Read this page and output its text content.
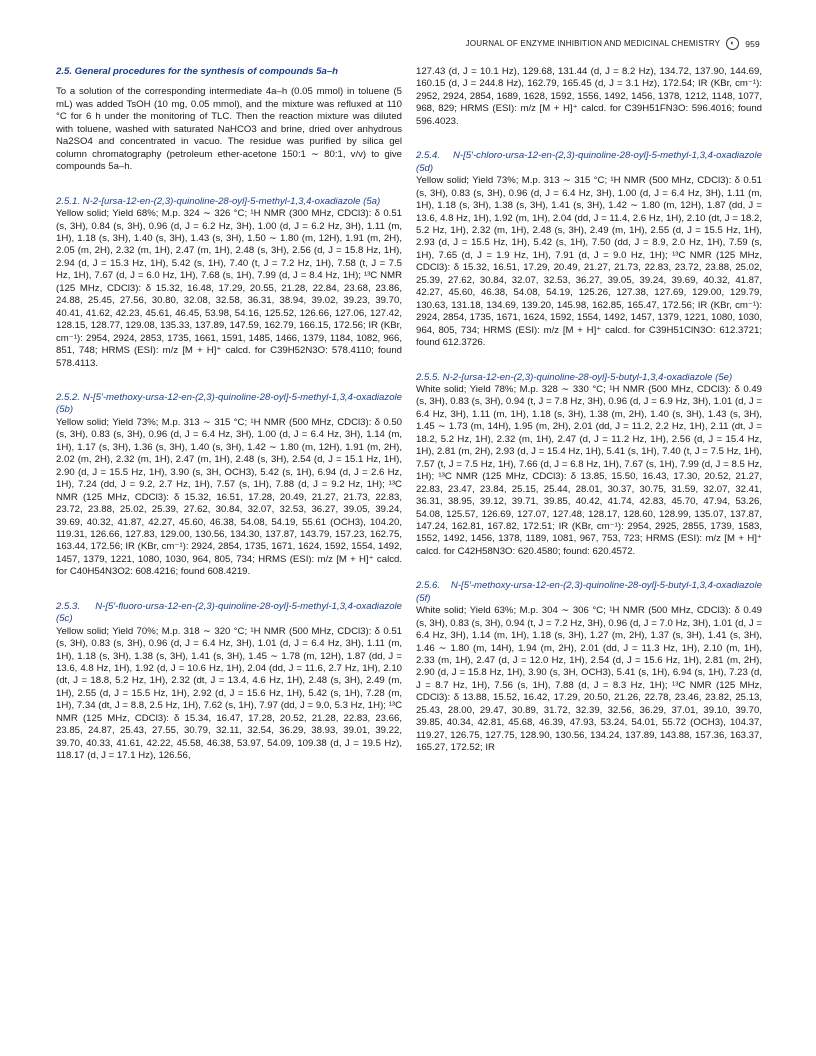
JOURNAL OF ENZYME INHIBITION AND MEDICINAL CHEMISTRY	◐	959
2.5. General procedures for the synthesis of compounds 5a–h

To a solution of the corresponding intermediate 4a–h (0.05 mmol) in toluene (5 mL) was added TsOH (10 mg, 0.05 mmol), and the mixture was refluxed at 110 °C for 6 h under the monitoring of TLC. Then the reaction mixture was diluted with toluene, washed with saturated NaHCO3 and brine, dried over anhydrous Na2SO4 and concentrated in vacuo. The residue was purified by silica gel column chromatography (petroleum ether-acetone 150:1 ∼ 80:1, v/v) to give compounds 5a–h.

2.5.1. N-2-[ursa-12-en-(2,3)-quinoline-28-oyl]-5-methyl-1,3,4-oxadiazole (5a)

Yellow solid; Yield 68%; M.p. 324 ∼ 326 °C; ¹H NMR (300 MHz, CDCl3): δ 0.51 (s, 3H), 0.84 (s, 3H), 0.96 (d, J = 6.2 Hz, 3H), 1.00 (d, J = 6.2 Hz, 3H), 1.11 (m, 1H), 1.18 (s, 3H), 1.40 (s, 3H), 1.43 (s, 3H), 1.50 ∼ 1.80 (m, 12H), 1.91 (m, 2H), 2.05 (m, 2H), 2.32 (m, 1H), 2.47 (m, 1H), 2.48 (s, 3H), 2.56 (d, J = 15.8 Hz, 1H), 2.94 (d, J = 15.3 Hz, 1H), 5.42 (s, 1H), 7.40 (t, J = 7.2 Hz, 1H), 7.58 (t, J = 7.5 Hz, 1H), 7.67 (d, J = 6.0 Hz, 1H), 7.68 (s, 1H), 7.99 (d, J = 8.4 Hz, 1H); ¹³C NMR (125 MHz, CDCl3): δ 15.32, 16.48, 17.29, 20.55, 21.28, 22.84, 23.68, 23.86, 24.88, 25.45, 27.56, 30.80, 32.08, 32.58, 36.31, 38.94, 39.02, 39.23, 39.70, 40.41, 41.62, 42.23, 45.61, 46.45, 53.98, 54.16, 125.52, 126.66, 127.06, 127.42, 128.15, 128.77, 129.08, 135.33, 137.89, 147.59, 162.79, 166.15, 172.56; IR (KBr, cm⁻¹): 2954, 2924, 2853, 1735, 1661, 1591, 1485, 1466, 1379, 1184, 1082, 966, 851, 748; HRMS (ESI): m/z [M + H]⁺ calcd. for C39H52N3O: 578.4110; found 578.4113.

2.5.2. N-[5′-methoxy-ursa-12-en-(2,3)-quinoline-28-oyl]-5-methyl-1,3,4-oxadiazole (5b)

Yellow solid; Yield 73%; M.p. 313 ∼ 315 °C; ¹H NMR (500 MHz, CDCl3): δ 0.50 (s, 3H), 0.83 (s, 3H), 0.96 (d, J = 6.4 Hz, 3H), 1.00 (d, J = 6.4 Hz, 3H), 1.14 (m, 1H), 1.17 (s, 3H), 1.36 (s, 3H), 1.40 (s, 3H), 1.42 ∼ 1.80 (m, 12H), 1.91 (m, 2H), 2.02 (m, 2H), 2.32 (m, 1H), 2.47 (m, 1H), 2.48 (s, 3H), 2.54 (d, J = 15.1 Hz, 1H), 2.90 (d, J = 15.5 Hz, 1H), 3.90 (s, 3H, OCH3), 5.42 (s, 1H), 6.94 (d, J = 2.6 Hz, 1H), 7.24 (dd, J = 9.2, 2.7 Hz, 1H), 7.57 (s, 1H), 7.88 (d, J = 9.2 Hz, 1H); ¹³C NMR (125 MHz, CDCl3): δ 15.32, 16.51, 17.28, 20.49, 21.27, 21.73, 22.83, 23.72, 23.88, 25.02, 25.39, 27.62, 30.84, 32.07, 32.53, 36.27, 39.05, 39.24, 39.69, 40.32, 41.87, 42.27, 45.60, 46.38, 54.08, 54.19, 55.61 (OCH3), 104.20, 119.31, 126.66, 127.83, 129.00, 130.56, 134.30, 137.87, 143.79, 157.23, 162.75, 163.44, 172.56; IR (KBr, cm⁻¹): 2924, 2854, 1735, 1671, 1624, 1592, 1554, 1492, 1457, 1379, 1221, 1080, 1030, 964, 805, 734; HRMS (ESI): m/z [M + H]⁺ calcd. for C40H54N3O2: 608.4216; found 608.4219.

2.5.3. N-[5′-fluoro-ursa-12-en-(2,3)-quinoline-28-oyl]-5-methyl-1,3,4-oxadiazole (5c)

Yellow solid; Yield 70%; M.p. 318 ∼ 320 °C; ¹H NMR (500 MHz, CDCl3): δ 0.51 (s, 3H), 0.83 (s, 3H), 0.96 (d, J = 6.4 Hz, 3H), 1.01 (d, J = 6.4 Hz, 3H), 1.11 (m, 1H), 1.18 (s, 3H), 1.38 (s, 3H), 1.41 (s, 3H), 1.45 ∼ 1.78 (m, 12H), 1.87 (dd, J = 13.6, 4.8 Hz, 1H), 1.92 (d, J = 10.6 Hz, 1H), 2.04 (dd, J = 11.6, 2.7 Hz, 1H), 2.10 (dt, J = 18.8, 5.2 Hz, 1H), 2.32 (dt, J = 13.4, 4.6 Hz, 1H), 2.48 (s, 3H), 2.49 (m, 1H), 2.55 (d, J = 15.5 Hz, 1H), 2.92 (d, J = 15.6 Hz, 1H), 5.42 (s, 1H), 7.28 (m, 1H), 7.34 (dt, J = 8.8, 2.5 Hz, 1H), 7.62 (s, 1H), 7.97 (dd, J = 9.0, 5.3 Hz, 1H); ¹³C NMR (125 MHz, CDCl3): δ 15.34, 16.47, 17.28, 20.52, 21.28, 22.83, 23.66, 23.85, 24.87, 25.43, 27.55, 30.79, 32.11, 32.54, 36.29, 38.93, 39.01, 39.22, 39.70, 40.33, 41.61, 42.22, 45.58, 46.38, 53.97, 54.09, 109.38 (d, J = 19.5 Hz), 118.17 (d, J = 17.1 Hz), 126.56,

127.43 (d, J = 10.1 Hz), 129.68, 131.44 (d, J = 8.2 Hz), 134.72, 137.90, 144.69, 160.15 (d, J = 244.8 Hz), 162.79, 165.45 (d, J = 3.1 Hz), 172.54; IR (KBr, cm⁻¹): 2952, 2924, 2854, 1689, 1628, 1592, 1556, 1492, 1456, 1378, 1212, 1148, 1077, 968, 829; HRMS (ESI): m/z [M + H]⁺ calcd. for C39H51FN3O: 596.4016; found 596.4023.

2.5.4. N-[5′-chloro-ursa-12-en-(2,3)-quinoline-28-oyl]-5-methyl-1,3,4-oxadiazole (5d)

Yellow solid; Yield 73%; M.p. 313 ∼ 315 °C; ¹H NMR (500 MHz, CDCl3): δ 0.51 (s, 3H), 0.83 (s, 3H), 0.96 (d, J = 6.4 Hz, 3H), 1.00 (d, J = 6.4 Hz, 3H), 1.11 (m, 1H), 1.18 (s, 3H), 1.38 (s, 3H), 1.41 (s, 3H), 1.42 ∼ 1.80 (m, 12H), 1.87 (dd, J = 13.6, 4.8 Hz, 1H), 1.92 (m, 1H), 2.04 (dd, J = 11.4, 2.6 Hz, 1H), 2.10 (dt, J = 18.2, 5.2 Hz, 1H), 2.32 (m, 1H), 2.48 (s, 3H), 2.49 (m, 1H), 2.55 (d, J = 15.5 Hz, 1H), 2.93 (d, J = 15.5 Hz, 1H), 5.42 (s, 1H), 7.50 (dd, J = 8.9, 2.0 Hz, 1H), 7.59 (s, 1H), 7.65 (d, J = 1.9 Hz, 1H), 7.91 (d, J = 9.0 Hz, 1H); ¹³C NMR (125 MHz, CDCl3): δ 15.32, 16.51, 17.29, 20.49, 21.27, 21.73, 22.83, 23.72, 23.88, 25.02, 25.39, 27.62, 30.84, 32.07, 32.53, 36.27, 39.05, 39.24, 39.69, 40.32, 41.87, 42.27, 45.60, 46.38, 54.08, 54.19, 125.26, 127.38, 127.69, 129.00, 129.79, 130.63, 131.18, 134.69, 139.20, 145.98, 162.85, 165.47, 172.56; IR (KBr, cm⁻¹): 2924, 2854, 1735, 1671, 1624, 1592, 1554, 1492, 1457, 1379, 1221, 1080, 1030, 964, 805, 734; HRMS (ESI): m/z [M + H]⁺ calcd. for C39H51ClN3O: 612.3721; found 612.3726.

2.5.5. N-2-[ursa-12-en-(2,3)-quinoline-28-oyl]-5-butyl-1,3,4-oxadiazole (5e)

White solid; Yield 78%; M.p. 328 ∼ 330 °C; ¹H NMR (500 MHz, CDCl3): δ 0.49 (s, 3H), 0.83 (s, 3H), 0.94 (t, J = 7.8 Hz, 3H), 0.96 (d, J = 6.9 Hz, 3H), 1.01 (d, J = 6.4 Hz, 3H), 1.11 (m, 1H), 1.18 (s, 3H), 1.38 (m, 2H), 1.40 (s, 3H), 1.43 (s, 3H), 1.45 ∼ 1.73 (m, 14H), 1.95 (m, 2H), 2.01 (dd, J = 11.2, 2.2 Hz, 1H), 2.11 (dt, J = 18.2, 5.2 Hz, 1H), 2.32 (m, 1H), 2.47 (d, J = 11.2 Hz, 1H), 2.56 (d, J = 15.4 Hz, 1H), 2.81 (m, 2H), 2.93 (d, J = 15.4 Hz, 1H), 5.41 (s, 1H), 7.40 (t, J = 7.5 Hz, 1H), 7.57 (t, J = 7.5 Hz, 1H), 7.66 (d, J = 6.8 Hz, 1H), 7.67 (s, 1H), 7.99 (d, J = 8.5 Hz, 1H); ¹³C NMR (125 MHz, CDCl3): δ 13.85, 15.50, 16.43, 17.30, 20.52, 21.27, 22.83, 23.47, 23.84, 25.15, 25.44, 28.01, 30.37, 30.75, 31.59, 32.07, 32.41, 36.31, 38.95, 39.12, 39.71, 39.85, 40.42, 41.74, 42.83, 45.70, 47.94, 53.26, 54.08, 125.57, 126.69, 127.07, 127.48, 128.17, 128.60, 128.99, 135.07, 137.87, 147.24, 162.81, 167.82, 172.51; IR (KBr, cm⁻¹): 2954, 2925, 2855, 1739, 1583, 1552, 1492, 1456, 1378, 1189, 1081, 967, 753, 723; HRMS (ESI): m/z [M + H]⁺ calcd. for C42H58N3O: 620.4580; found: 620.4572.

2.5.6. N-[5′-methoxy-ursa-12-en-(2,3)-quinoline-28-oyl]-5-butyl-1,3,4-oxadiazole (5f)

White solid; Yield 63%; M.p. 304 ∼ 306 °C; ¹H NMR (500 MHz, CDCl3): δ 0.49 (s, 3H), 0.83 (s, 3H), 0.94 (t, J = 7.2 Hz, 3H), 0.96 (d, J = 7.0 Hz, 3H), 1.01 (d, J = 6.4 Hz, 3H), 1.14 (m, 1H), 1.18 (s, 3H), 1.27 (m, 2H), 1.37 (s, 3H), 1.41 (s, 3H), 1.46 ∼ 1.80 (m, 14H), 1.94 (m, 2H), 2.01 (dd, J = 11.3 Hz, 1H), 2.10 (m, 1H), 2.33 (m, 1H), 2.47 (d, J = 12.0 Hz, 1H), 2.54 (d, J = 15.6 Hz, 1H), 2.81 (m, 2H), 2.90 (d, J = 15.8 Hz, 1H), 3.90 (s, 3H, OCH3), 5.41 (s, 1H), 6.94 (s, 1H), 7.23 (d, J = 8.7 Hz, 1H), 7.56 (s, 1H), 7.88 (d, J = 8.3 Hz, 1H); ¹³C NMR (125 MHz, CDCl3): δ 13.88, 15.52, 16.42, 17.29, 20.50, 21.26, 22.78, 23.46, 23.82, 25.13, 25.43, 28.00, 29.47, 30.89, 31.72, 32.39, 32.56, 36.29, 37.01, 39.10, 39.70, 39.85, 40.34, 42.81, 45.68, 46.39, 47.93, 53.24, 54.01, 55.72 (OCH3), 104.37, 119.27, 126.75, 127.75, 128.90, 130.56, 134.24, 137.89, 143.88, 157.36, 163.37, 165.27, 172.52; IR
